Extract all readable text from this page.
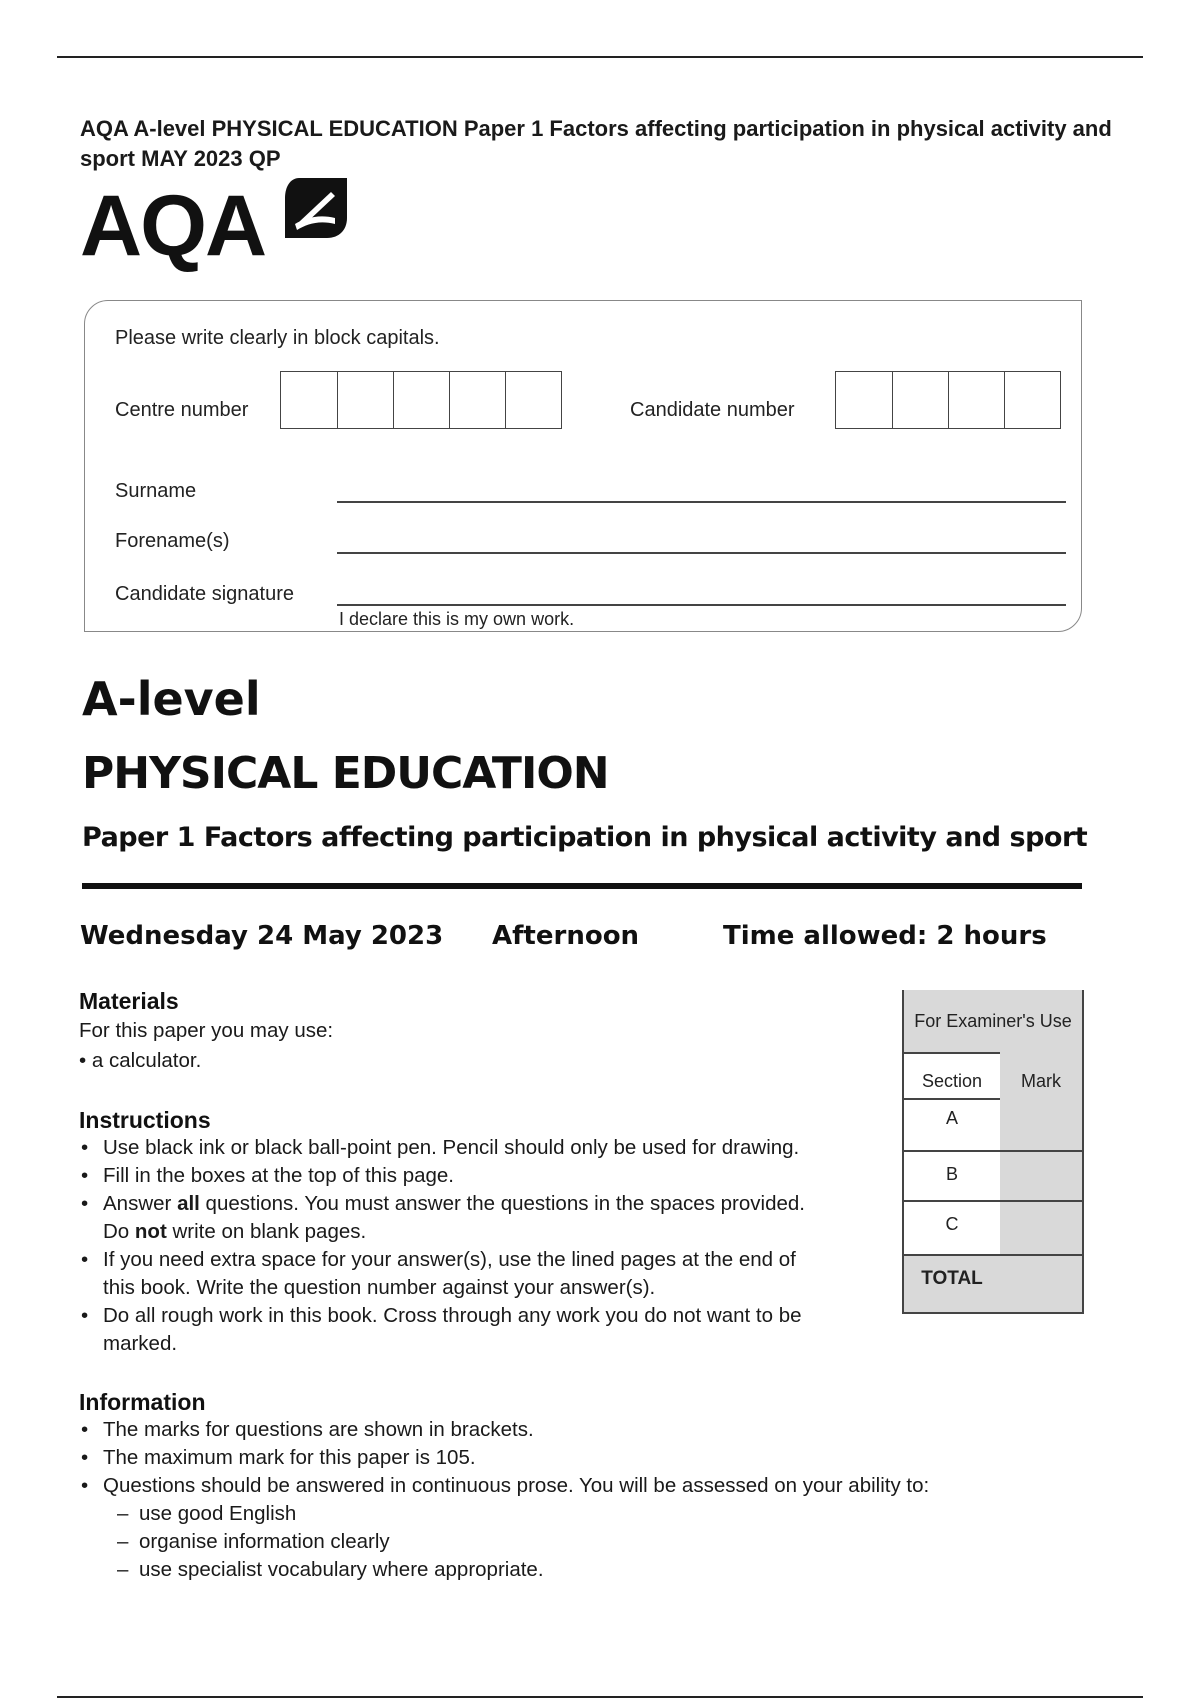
AQA A-level PHYSICAL EDUCATION Paper 1 Factors affecting participation in physical activity and sport MAY 2023 QP
AQA
Please write clearly in block capitals.
Centre number	Candidate number
Surname
Forename(s)
Candidate signature
I declare this is my own work.
A-level
PHYSICAL EDUCATION
Paper 1 Factors affecting participation in physical activity and sport
Wednesday 24 May 2023 Afternoon	Time allowed: 2 hours
Materials
For this paper you may use:
• a calculator.
Instructions
• Use black ink or black ball-point pen. Pencil should only be used for drawing.
• Fill in the boxes at the top of this page.
• Answer all questions. You must answer the questions in the spaces provided.
Do not write on blank pages.
• If you need extra space for your answer(s), use the lined pages at the end of
this book. Write the question number against your answer(s).
• Do all rough work in this book. Cross through any work you do not want to be
marked.
Information
• The marks for questions are shown in brackets.
• The maximum mark for this paper is 105.
• Questions should be answered in continuous prose. You will be assessed on your ability to:
– use good English
– organise information clearly
– use specialist vocabulary where appropriate.
For Examiner's Use
Section	Mark
A
B
C
TOTAL
